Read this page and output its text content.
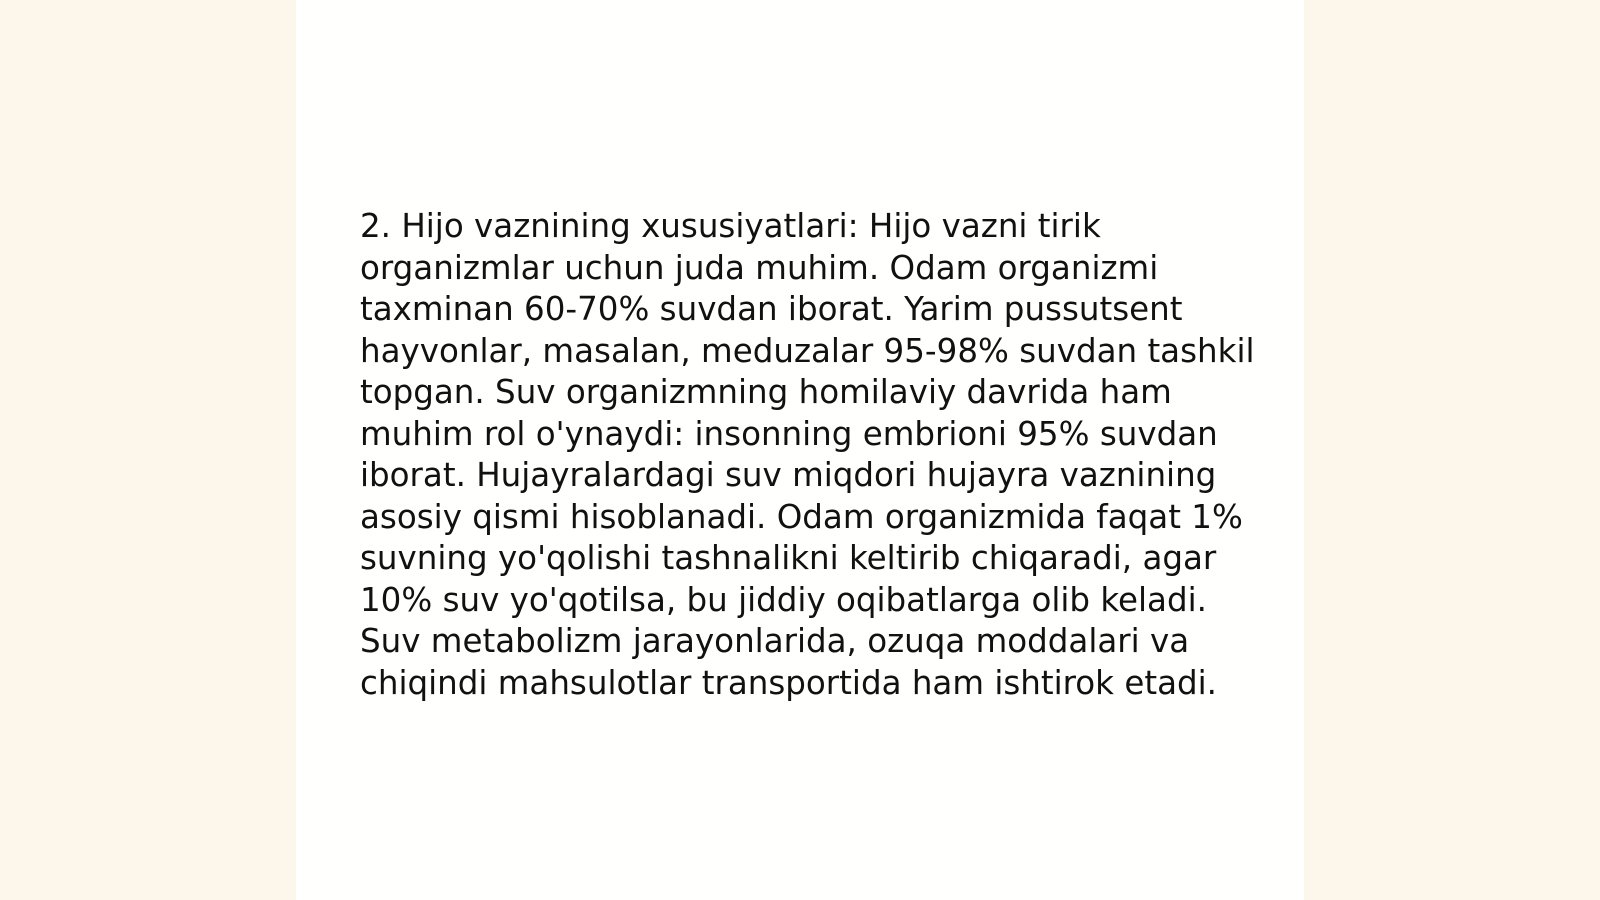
2. Hijo vaznining xususiyatlari: Hijo vazni tirik
organizmlar uchun juda muhim. Odam organizmi
taxminan 60-70% suvdan iborat. Yarim pussutsent
hayvonlar, masalan, meduzalar 95-98% suvdan tashkil
topgan. Suv organizmning homilaviy davrida ham
muhim rol o'ynaydi: insonning embrioni 95% suvdan
iborat. Hujayralardagi suv miqdori hujayra vaznining
asosiy qismi hisoblanadi. Odam organizmida faqat 1%
suvning yo'qolishi tashnalikni keltirib chiqaradi, agar
10% suv yo'qotilsa, bu jiddiy oqibatlarga olib keladi.
Suv metabolizm jarayonlarida, ozuqa moddalari va
chiqindi mahsulotlar transportida ham ishtirok etadi.
